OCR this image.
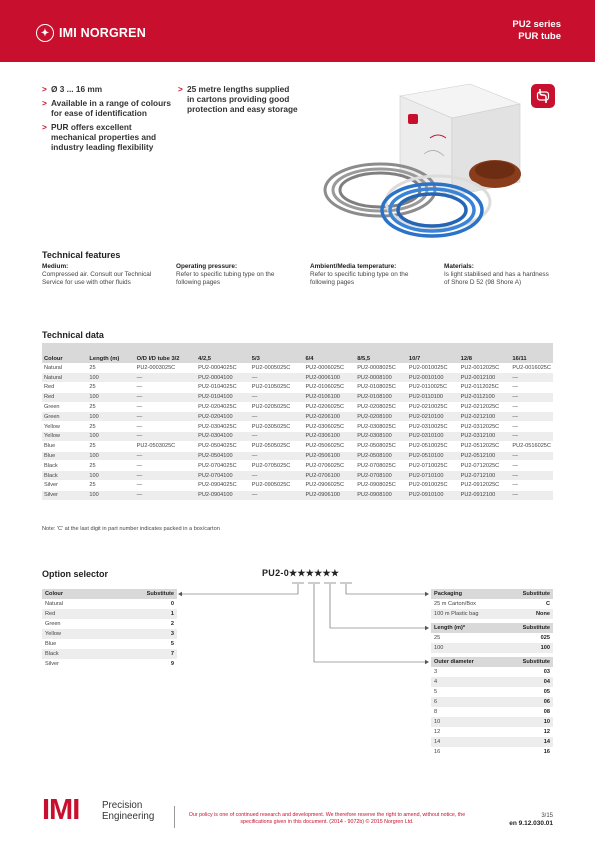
✦ IMI NORGREN
PU2 series
PUR tube
> Ø 3 ... 16 mm
> Available in a range of colours for ease of identification
> PUR offers excellent mechanical properties and industry leading flexibility
> 25 metre lengths supplied in cartons providing good protection and easy storage
Technical features
Medium:
Compressed air. Consult our Technical Service for use with other fluids
Operating pressure:
Refer to specific tubing type on the following pages
Ambient/Media temperature:
Refer to specific tubing type on the following pages
Materials:
Is light stabilised and has a hardness of Shore D 52 (98 Shore A)
Technical data
Colour	Length (m)	O/D I/D tube 3/2	4/2,5	5/3	6/4	8/5,5	10/7	12/8	16/11
Natural	25	PU2-0003025C	PU2-0004025C	PU2-0005025C	PU2-0006025C	PU2-0008025C	PU2-0010025C	PU2-0012025C	PU2-0016025C
Natural	100	—	PU2-0004100	—	PU2-0006100	PU2-0008100	PU2-0010100	PU2-0012100	—
Red	25	—	PU2-0104025C	PU2-0105025C	PU2-0106025C	PU2-0108025C	PU2-0110025C	PU2-0112025C	—
Red	100	—	PU2-0104100	—	PU2-0106100	PU2-0108100	PU2-0110100	PU2-0112100	—
Green	25	—	PU2-0204025C	PU2-0205025C	PU2-0206025C	PU2-0208025C	PU2-0210025C	PU2-0212025C	—
Green	100	—	PU2-0204100	—	PU2-0206100	PU2-0208100	PU2-0210100	PU2-0212100	—
Yellow	25	—	PU2-0304025C	PU2-0305025C	PU2-0306025C	PU2-0308025C	PU2-0310025C	PU2-0312025C	—
Yellow	100	—	PU2-0304100	—	PU2-0306100	PU2-0308100	PU2-0310100	PU2-0312100	—
Blue	25	PU2-0503025C	PU2-0504025C	PU2-0505025C	PU2-0506025C	PU2-0508025C	PU2-0510025C	PU2-0512025C	PU2-0516025C
Blue	100	—	PU2-0504100	—	PU2-0506100	PU2-0508100	PU2-0510100	PU2-0512100	—
Black	25	—	PU2-0704025C	PU2-0705025C	PU2-0706025C	PU2-0708025C	PU2-0710025C	PU2-0712025C	—
Black	100	—	PU2-0704100	—	PU2-0706100	PU2-0708100	PU2-0710100	PU2-0712100	—
Silver	25	—	PU2-0904025C	PU2-0905025C	PU2-0906025C	PU2-0908025C	PU2-0910025C	PU2-0912025C	—
Silver	100	—	PU2-0904100	—	PU2-0906100	PU2-0908100	PU2-0910100	PU2-0912100	—
Note: 'C' at the last digit in part number indicates packed in a box/carton
Option selector	PU2-0★★★★★★
Colour	Substitute
Natural	0
Red	1
Green	2
Yellow	3
Blue	5
Black	7
Silver	9
Packaging	Substitute
25 m Carton/Box	C
100 m Plastic bag	None
Length (m)*	Substitute
25	025
100	100
Outer diameter	Substitute
3	03
4	04
5	05
6	06
8	08
10	10
12	12
14	14
16	16
IMI Precision
Engineering	Our policy is one of continued research and development. We therefore reserve the right to amend, without notice, the specifications given in this document. (2014 - 9072b) © 2015 Norgren Ltd.
3/15
en 9.12.030.01
